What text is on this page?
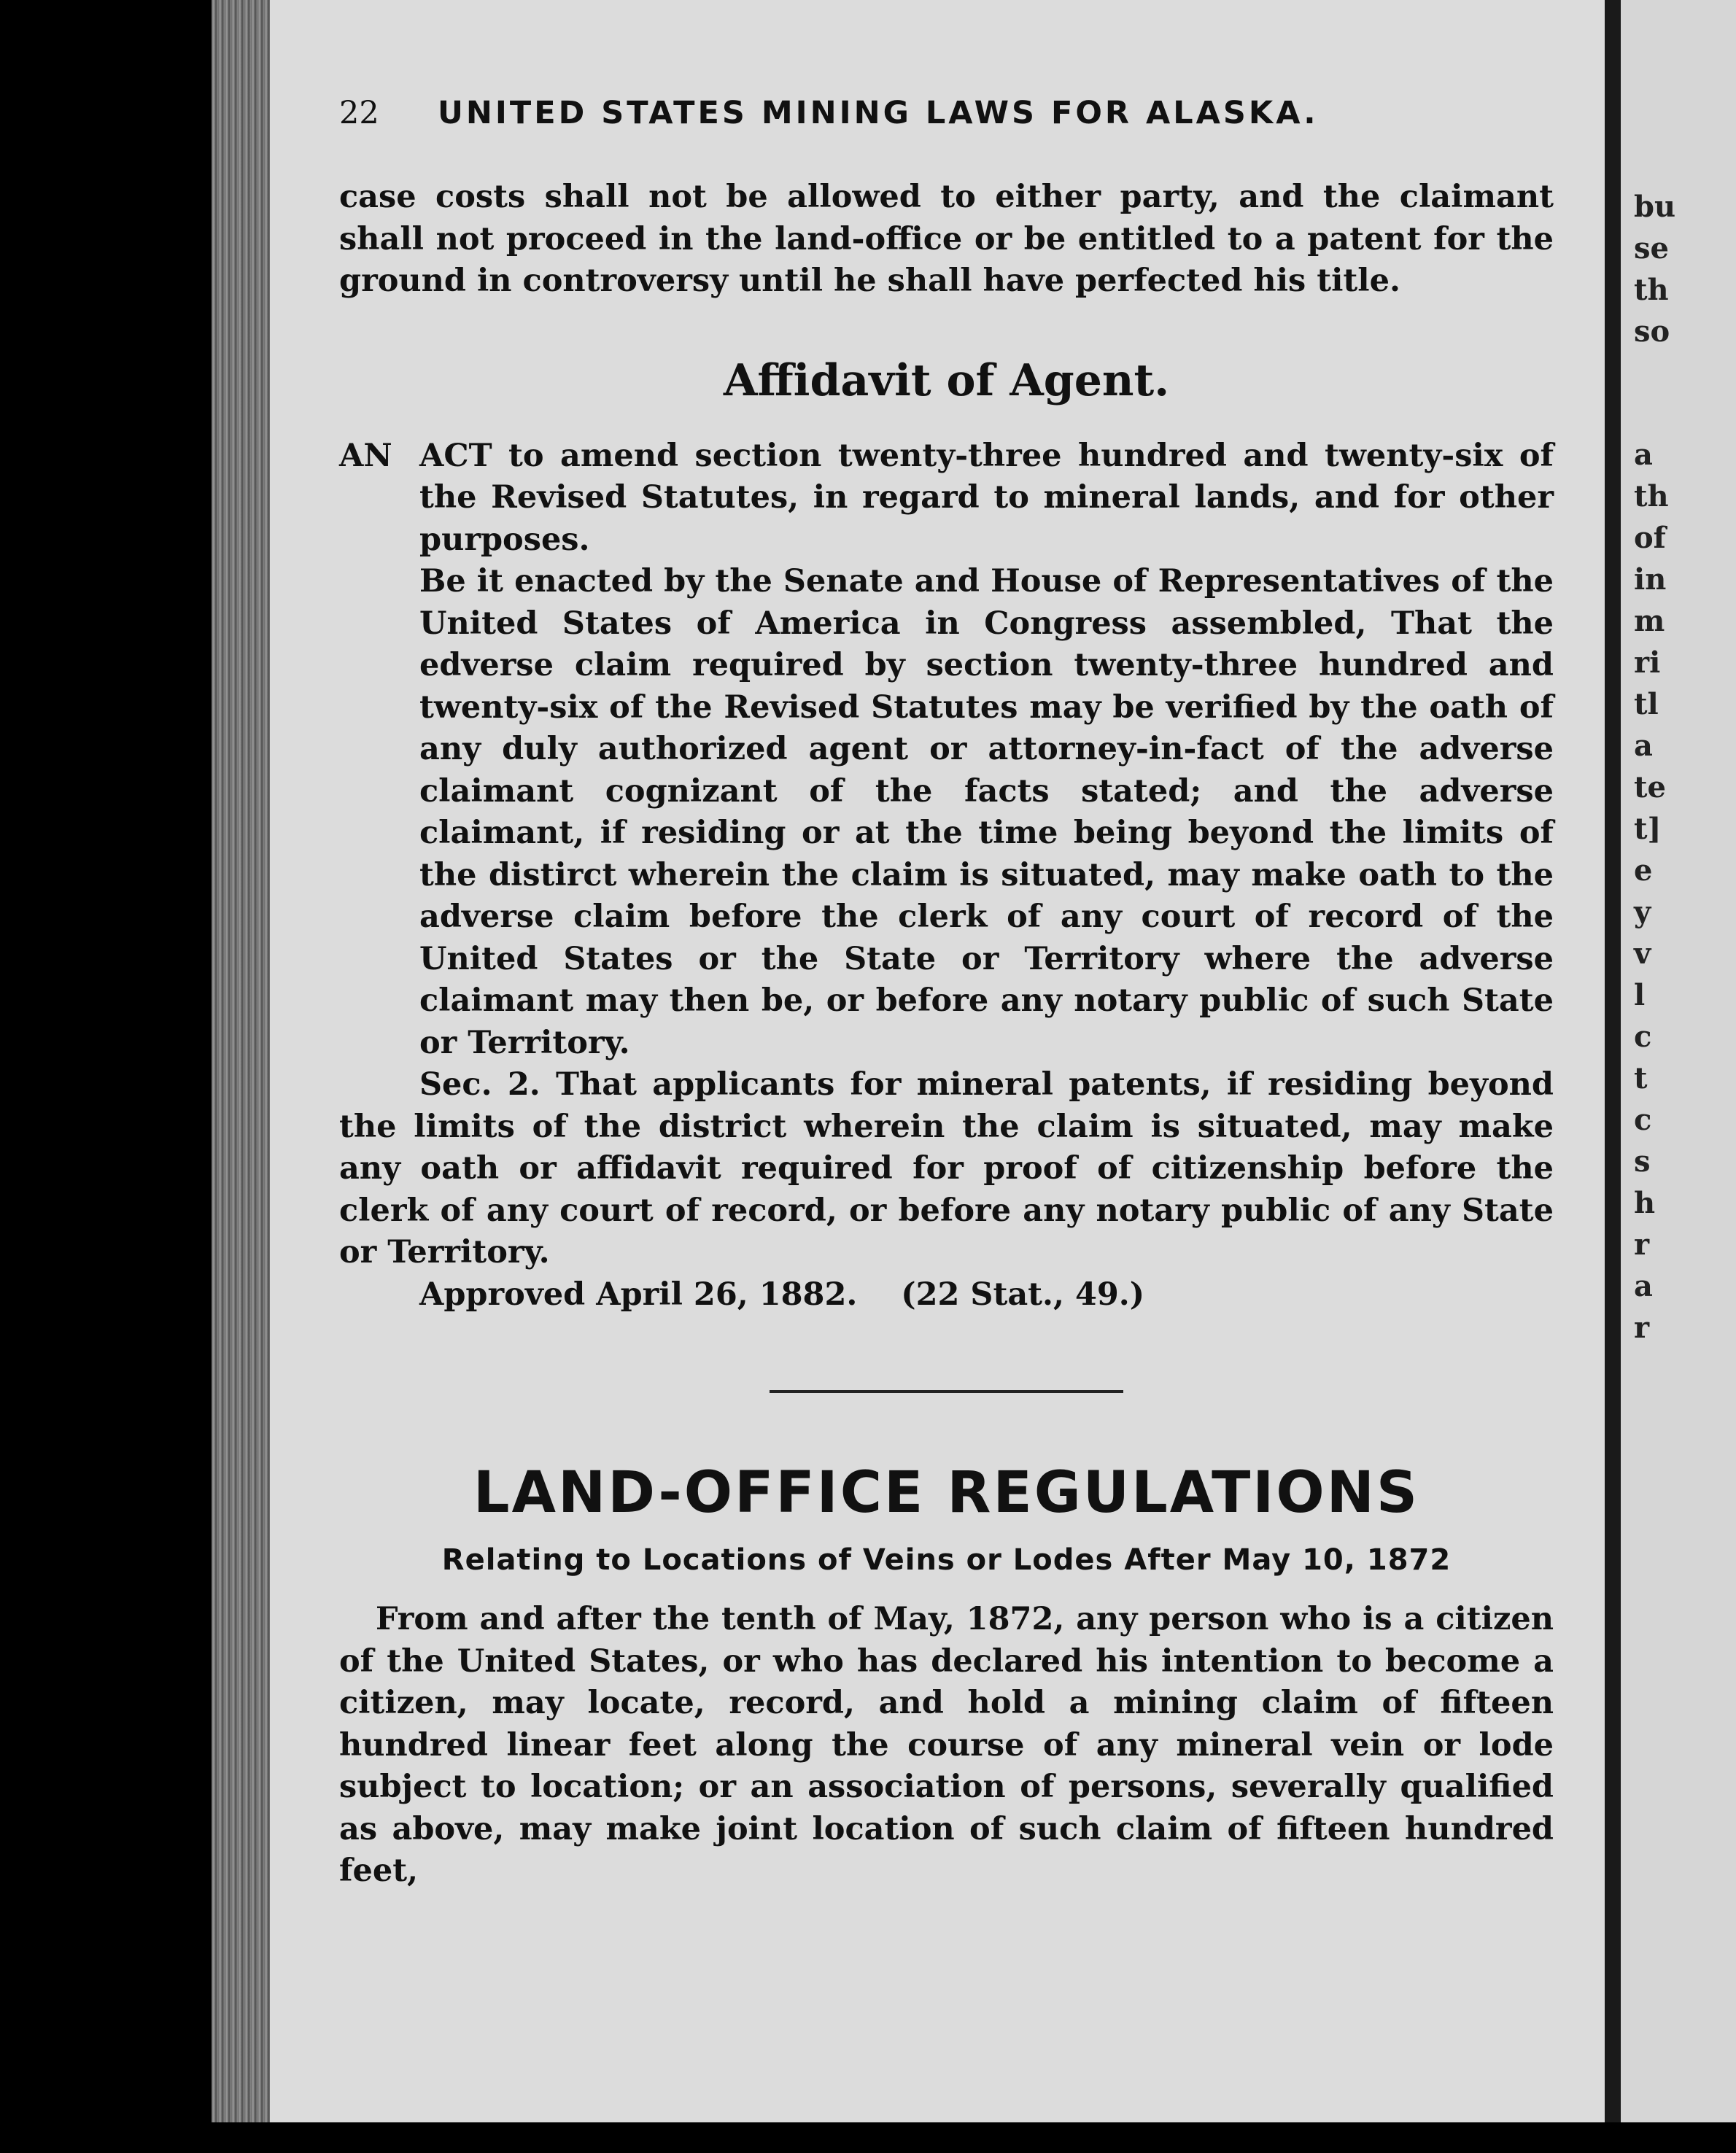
bu
se
th
so
a
th
of
in
m
ri
tl
a
te
t]
e
y
v
l
c
t
c
s
h
r
a
r
22	UNITED STATES MINING LAWS FOR ALASKA.

case costs shall not be allowed to either party, and the claimant shall not proceed in the land-office or be entitled to a patent for the ground in controversy until he shall have perfected his title.

Affidavit of Agent.
AN ACT to amend section twenty-three hundred and twenty-six of the Revised Statutes, in regard to mineral lands, and for other purposes.

Be it enacted by the Senate and House of Representatives of the United States of America in Congress assembled, That the edverse claim required by section twenty-three hundred and twenty-six of the Revised Statutes may be verified by the oath of any duly authorized agent or attorney-in-fact of the adverse claimant cognizant of the facts stated; and the adverse claimant, if residing or at the time being beyond the limits of the distirct wherein the claim is situated, may make oath to the adverse claim before the clerk of any court of record of the United States or the State or Territory where the adverse claimant may then be, or before any notary public of such State or Territory.

Sec. 2. That applicants for mineral patents, if residing beyond the limits of the district wherein the claim is situated, may make any oath or affidavit required for proof of citizenship before the clerk of any court of record, or before any notary public of any State or Territory.

Approved April 26, 1882.    (22 Stat., 49.)

LAND-OFFICE REGULATIONS
Relating to Locations of Veins or Lodes After May 10, 1872

From and after the tenth of May, 1872, any person who is a citizen of the United States, or who has declared his intention to become a citizen, may locate, record, and hold a mining claim of fifteen hundred linear feet along the course of any mineral vein or lode subject to location; or an association of persons, severally qualified as above, may make joint location of such claim of fifteen hundred feet,
